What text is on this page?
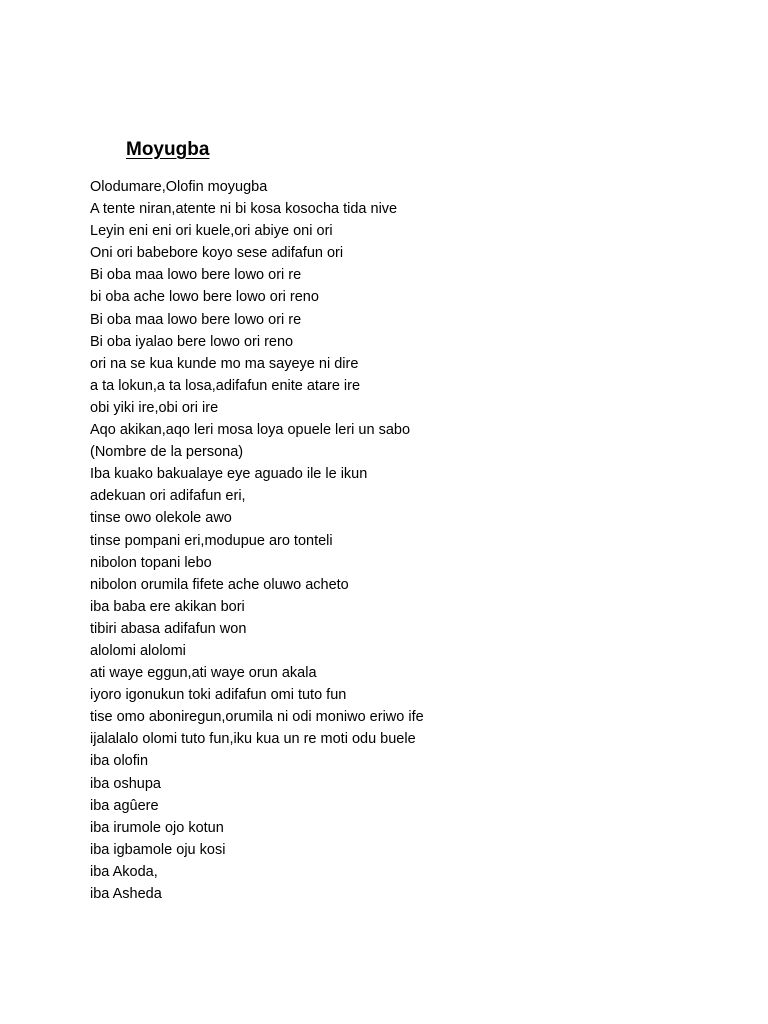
Moyugba
Olodumare,Olofin moyugba
A tente niran,atente ni bi kosa kosocha tida nive
Leyin eni eni ori kuele,ori abiye oni ori
Oni ori babebore koyo sese adifafun ori
Bi oba maa lowo bere lowo ori re
bi oba ache lowo bere lowo ori reno
Bi oba maa lowo bere lowo ori re
Bi oba iyalao bere lowo ori reno
ori na se kua kunde mo ma sayeye ni dire
a ta lokun,a ta losa,adifafun enite atare ire
obi yiki ire,obi ori ire
Aqo akikan,aqo leri mosa loya opuele leri un sabo
(Nombre de la persona)
Iba kuako bakualaye eye aguado ile le ikun
adekuan ori adifafun eri,
tinse owo olekole awo
tinse pompani eri,modupue aro tonteli
nibolon topani lebo
nibolon orumila fifete ache oluwo acheto
iba baba ere akikan bori
tibiri abasa adifafun won
alolomi alolomi
ati waye eggun,ati waye orun akala
iyoro igonukun toki adifafun omi tuto fun
tise omo aboniregun,orumila ni odi moniwo eriwo ife
ijalalalo olomi tuto fun,iku kua un re moti odu buele
iba olofin
iba oshupa
iba agûere
iba irumole ojo kotun
iba igbamole oju kosi
iba Akoda,
iba Asheda
